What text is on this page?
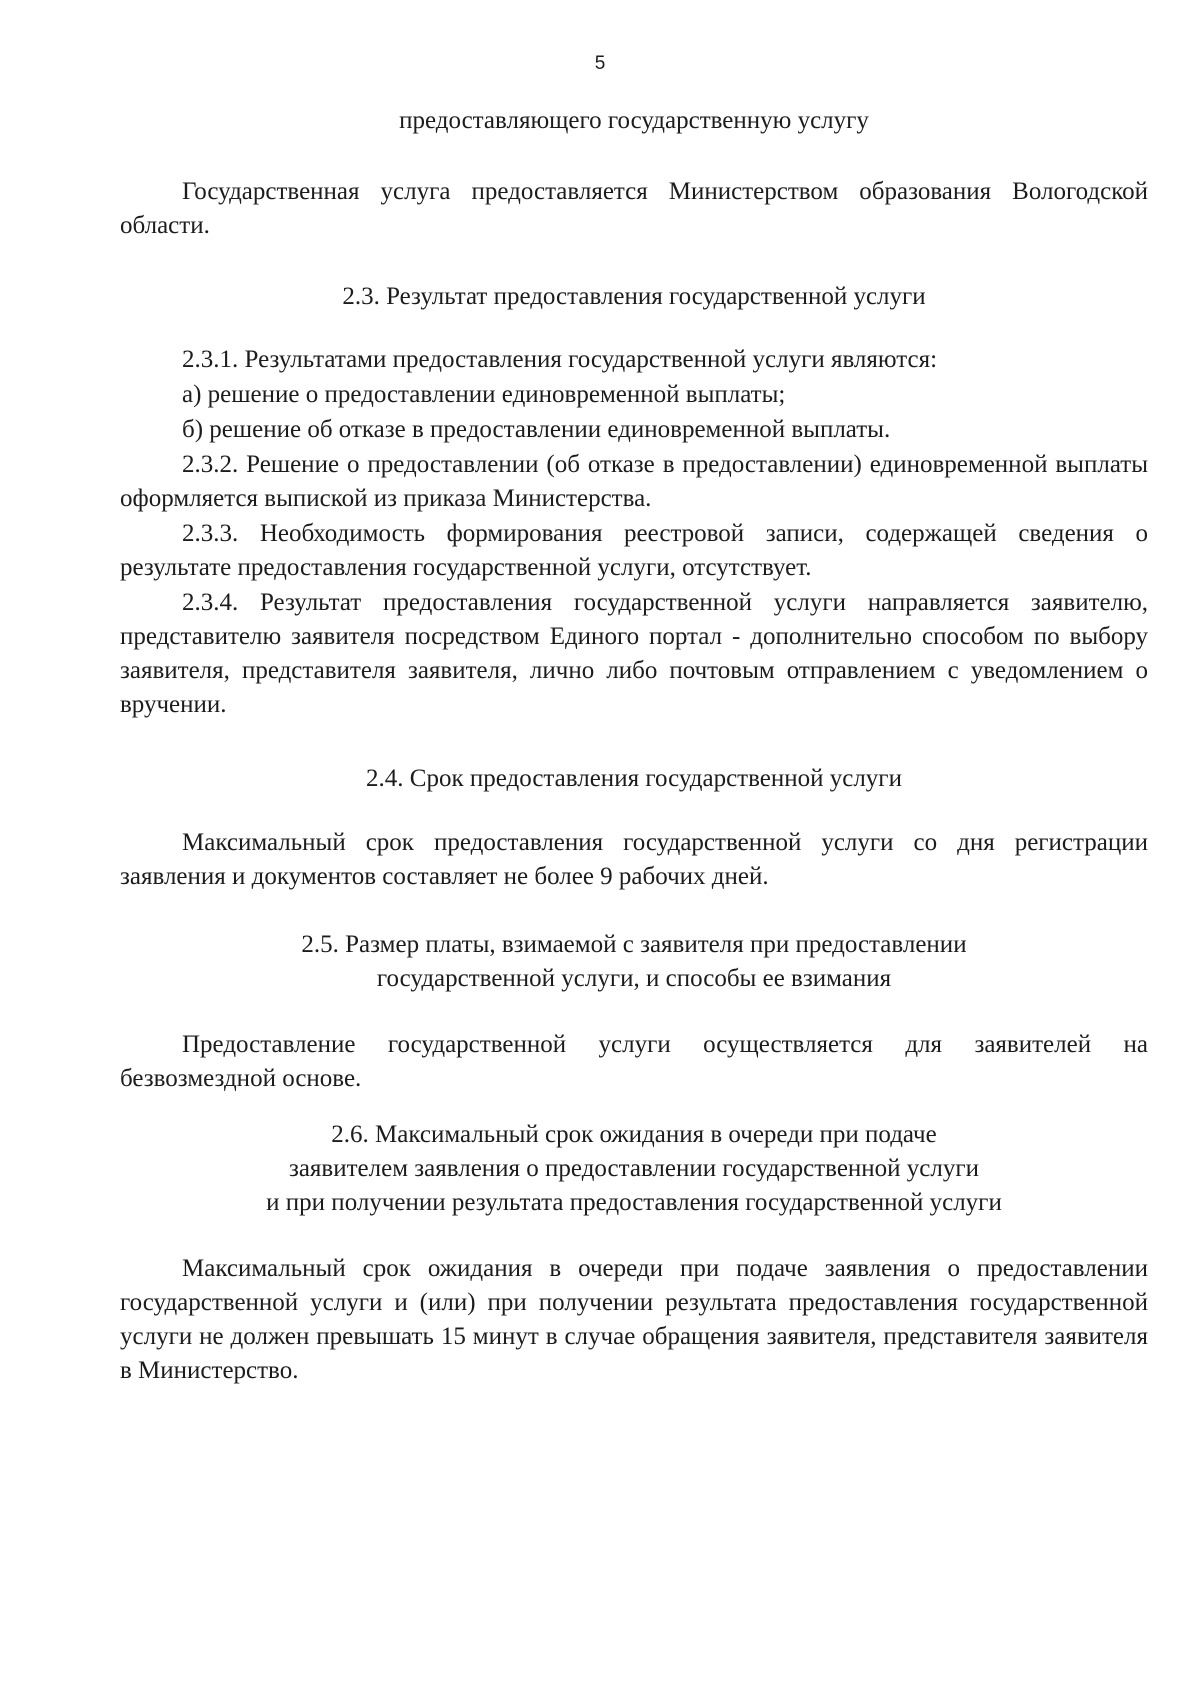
5
предоставляющего государственную услугу
Государственная услуга предоставляется Министерством образования Вологодской области.
2.3. Результат предоставления государственной услуги
2.3.1. Результатами предоставления государственной услуги являются:
а) решение о предоставлении единовременной выплаты;
б) решение об отказе в предоставлении единовременной выплаты.
2.3.2. Решение о предоставлении (об отказе в предоставлении) единовременной выплаты оформляется выпиской из приказа Министерства.
2.3.3. Необходимость формирования реестровой записи, содержащей сведения о результате предоставления государственной услуги, отсутствует.
2.3.4. Результат предоставления государственной услуги направляется заявителю, представителю заявителя посредством Единого портал - дополнительно способом по выбору заявителя, представителя заявителя, лично либо почтовым отправлением с уведомлением о вручении.
2.4. Срок предоставления государственной услуги
Максимальный срок предоставления государственной услуги со дня регистрации заявления и документов составляет не более 9 рабочих дней.
2.5. Размер платы, взимаемой с заявителя при предоставлении
государственной услуги, и способы ее взимания
Предоставление государственной услуги осуществляется для заявителей на безвозмездной основе.
2.6. Максимальный срок ожидания в очереди при подаче
заявителем заявления о предоставлении государственной услуги
и при получении результата предоставления государственной услуги
Максимальный срок ожидания в очереди при подаче заявления о предоставлении государственной услуги и (или) при получении результата предоставления государственной услуги не должен превышать 15 минут в случае обращения заявителя, представителя заявителя в Министерство.
